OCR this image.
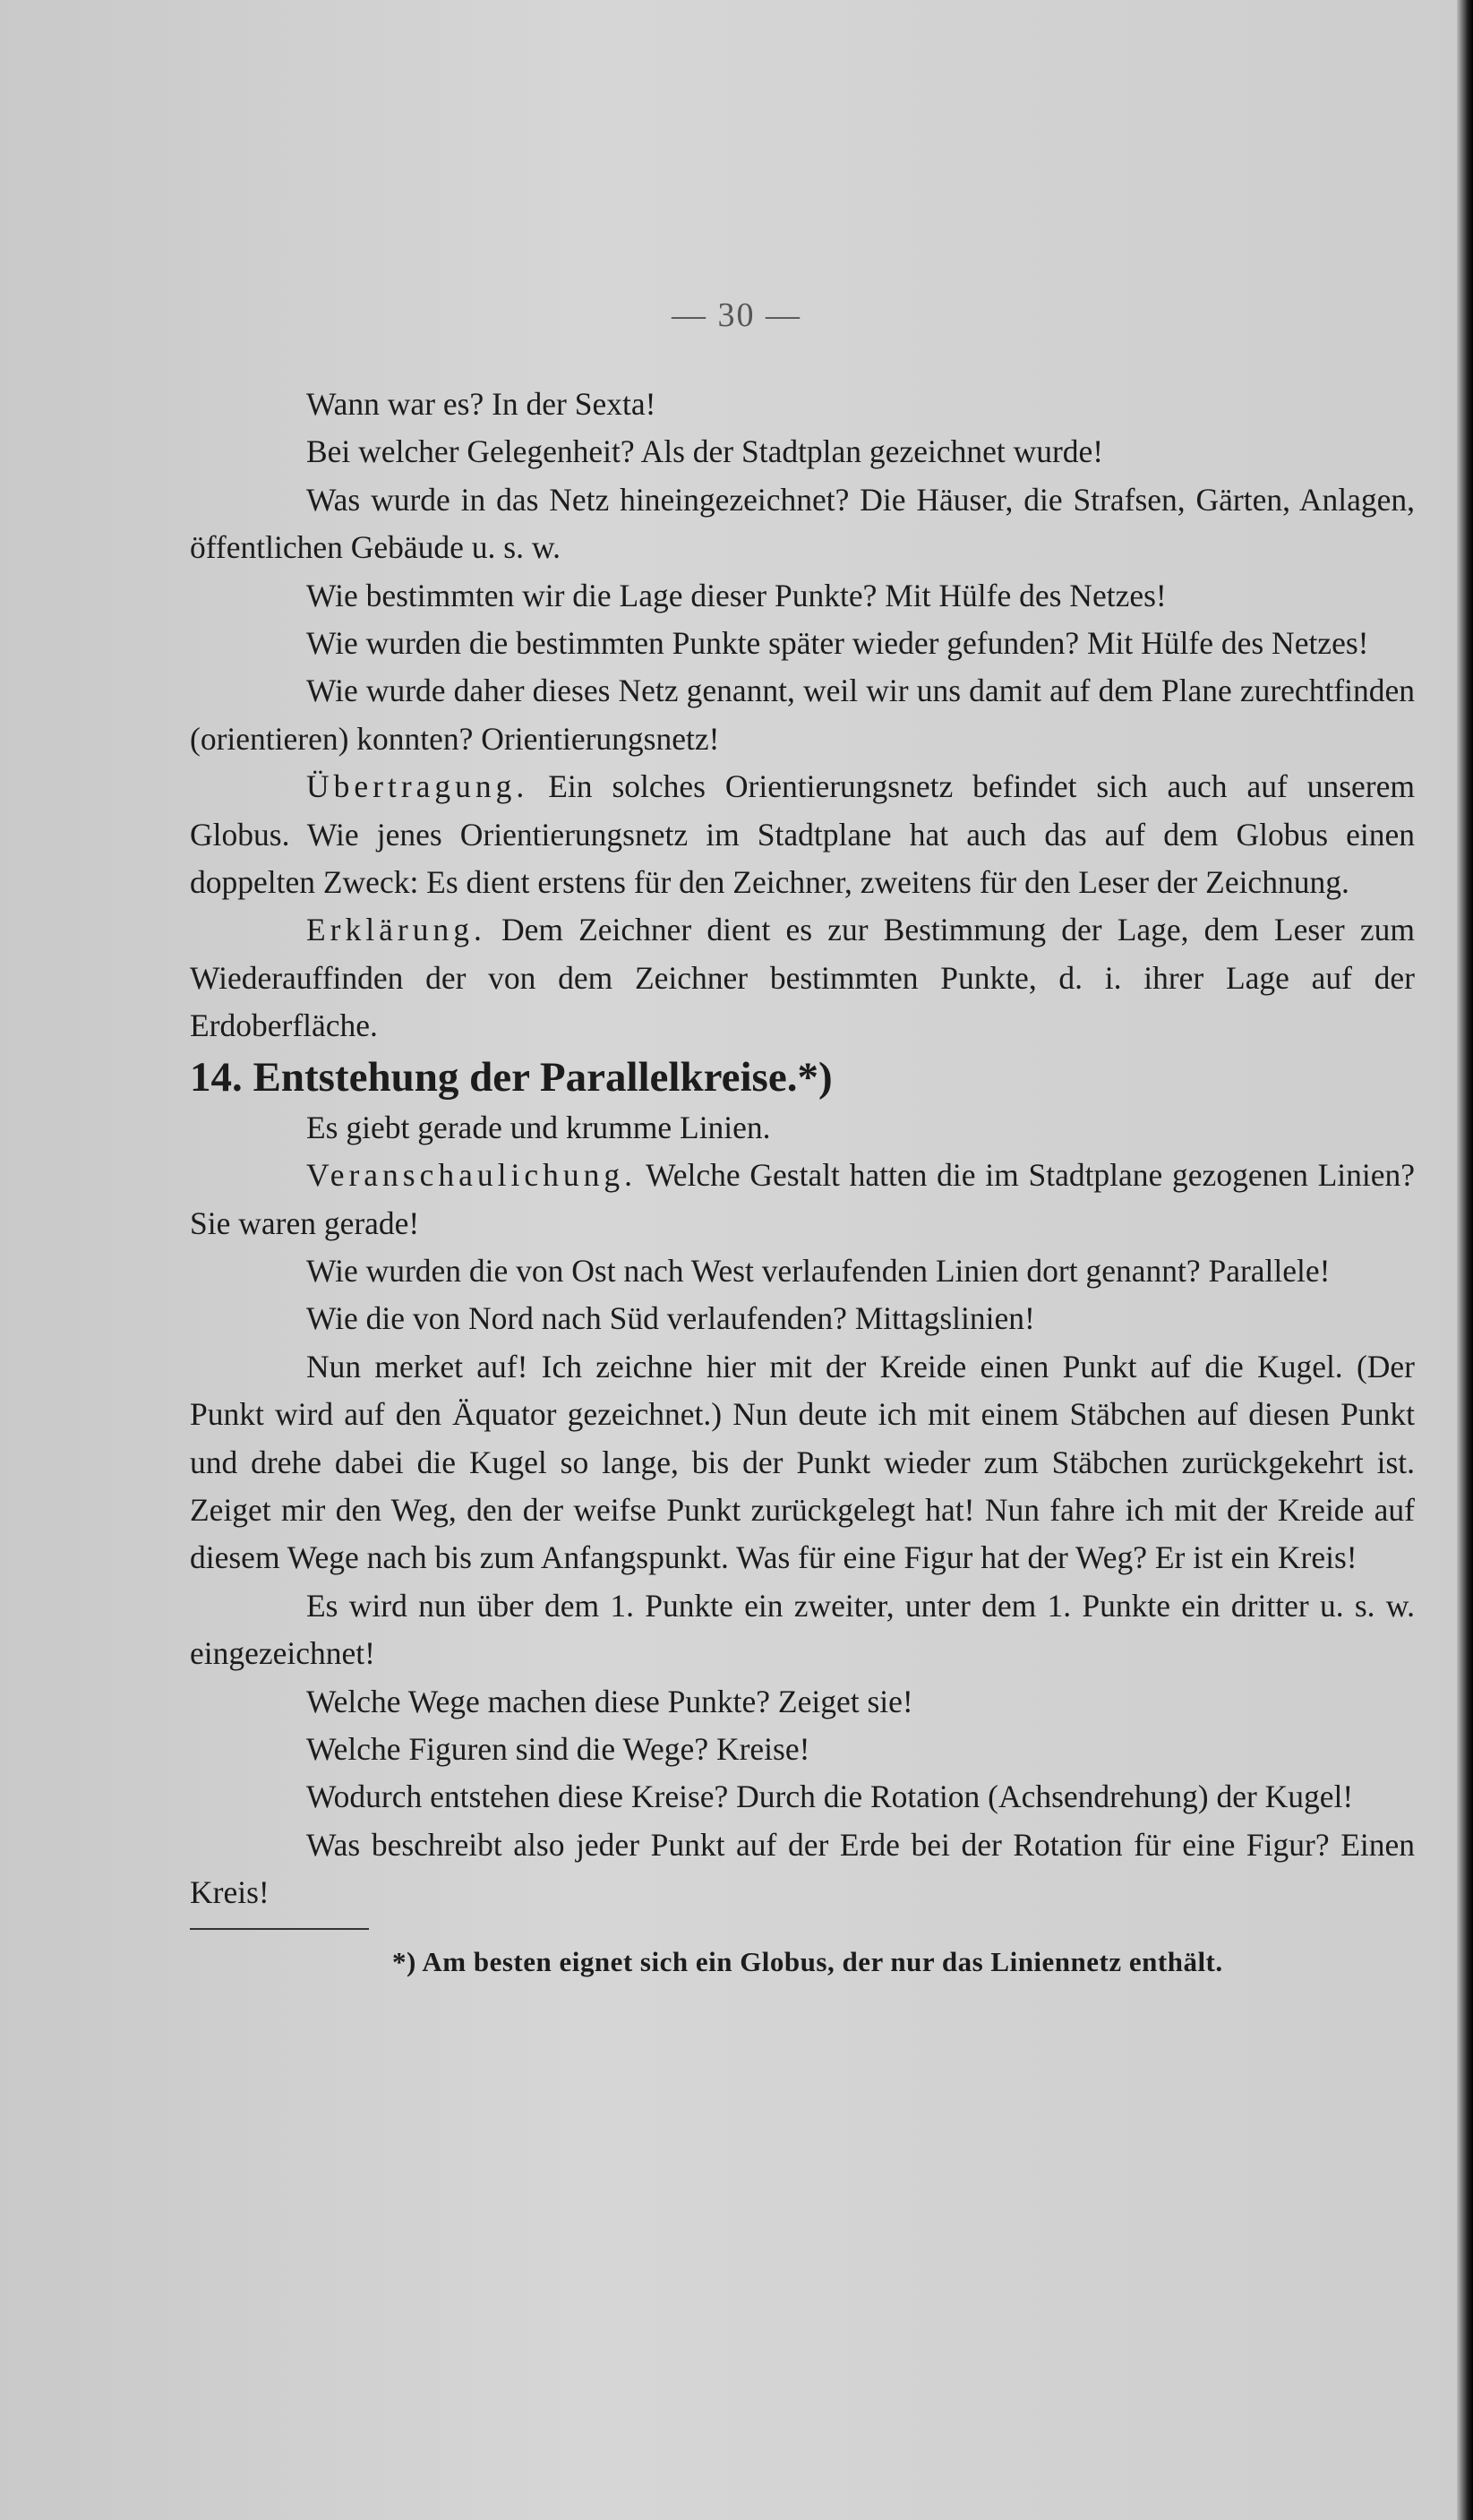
— 30 —

Wann war es? In der Sexta!

Bei welcher Gelegenheit? Als der Stadtplan gezeichnet wurde!

Was wurde in das Netz hineingezeichnet? Die Häuser, die Strafsen, Gärten, Anlagen, öffentlichen Gebäude u. s. w.

Wie bestimmten wir die Lage dieser Punkte? Mit Hülfe des Netzes!

Wie wurden die bestimmten Punkte später wieder gefunden? Mit Hülfe des Netzes!

Wie wurde daher dieses Netz genannt, weil wir uns damit auf dem Plane zurechtfinden (orientieren) konnten? Orientierungsnetz!

Übertragung. Ein solches Orientierungsnetz befindet sich auch auf unserem Globus. Wie jenes Orientierungsnetz im Stadtplane hat auch das auf dem Globus einen doppelten Zweck: Es dient erstens für den Zeichner, zweitens für den Leser der Zeichnung.

Erklärung. Dem Zeichner dient es zur Bestimmung der Lage, dem Leser zum Wiederauffinden der von dem Zeichner bestimmten Punkte, d. i. ihrer Lage auf der Erdoberfläche.

14. Entstehung der Parallelkreise.*)

Es giebt gerade und krumme Linien.

Veranschaulichung. Welche Gestalt hatten die im Stadtplane gezogenen Linien? Sie waren gerade!

Wie wurden die von Ost nach West verlaufenden Linien dort genannt? Parallele!

Wie die von Nord nach Süd verlaufenden? Mittagslinien!

Nun merket auf! Ich zeichne hier mit der Kreide einen Punkt auf die Kugel. (Der Punkt wird auf den Äquator gezeichnet.) Nun deute ich mit einem Stäbchen auf diesen Punkt und drehe dabei die Kugel so lange, bis der Punkt wieder zum Stäbchen zurückgekehrt ist. Zeiget mir den Weg, den der weifse Punkt zurückgelegt hat! Nun fahre ich mit der Kreide auf diesem Wege nach bis zum Anfangspunkt. Was für eine Figur hat der Weg? Er ist ein Kreis!

Es wird nun über dem 1. Punkte ein zweiter, unter dem 1. Punkte ein dritter u. s. w. eingezeichnet!

Welche Wege machen diese Punkte? Zeiget sie!

Welche Figuren sind die Wege? Kreise!

Wodurch entstehen diese Kreise? Durch die Rotation (Achsendrehung) der Kugel!

Was beschreibt also jeder Punkt auf der Erde bei der Rotation für eine Figur? Einen Kreis!

*) Am besten eignet sich ein Globus, der nur das Liniennetz enthält.
